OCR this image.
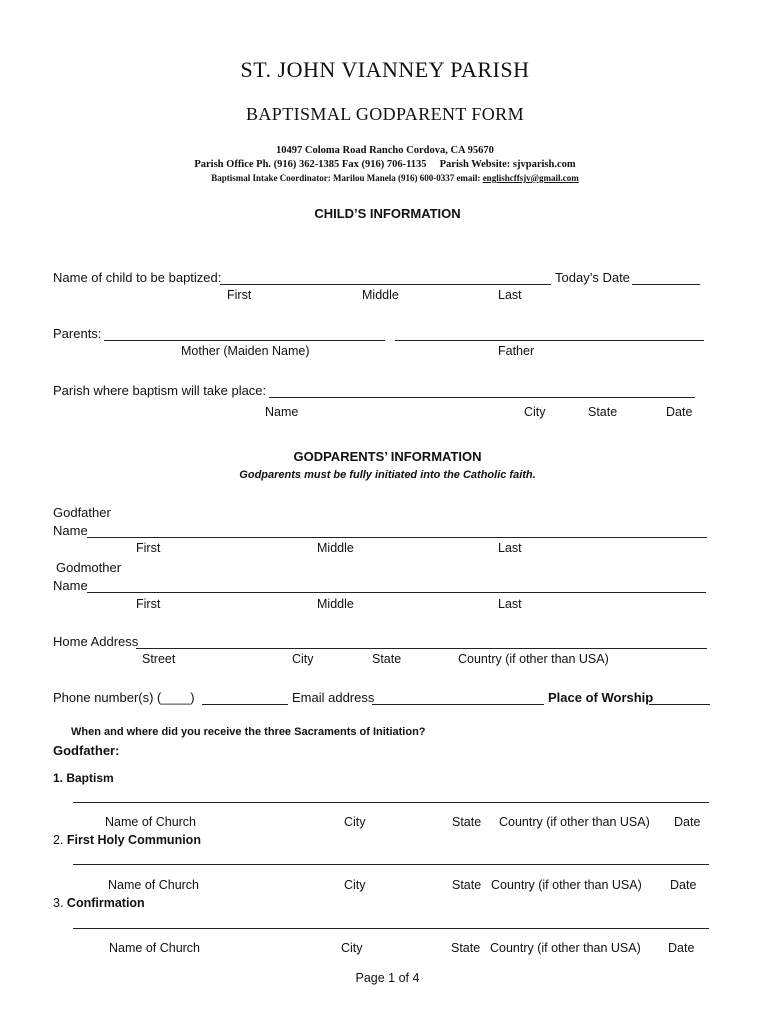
ST. JOHN VIANNEY PARISH
BAPTISMAL GODPARENT FORM
10497 Coloma Road Rancho Cordova, CA 95670
Parish Office Ph. (916) 362-1385 Fax (916) 706-1135 Parish Website: sjvparish.com
Baptismal Intake Coordinator: Marilou Manela (916) 600-0337 email: englishcffsjv@gmail.com
CHILD’S INFORMATION
Name of child to be baptized:	Today’s Date
First	Middle	Last
Parents:
Mother (Maiden Name)	Father
Parish where baptism will take place:
Name	City	State	Date
GODPARENTS’ INFORMATION
Godparents must be fully initiated into the Catholic faith.
Godfather
Name
First	Middle	Last
Godmother
Name
First	Middle	Last
Home Address
Street	City	State	Country (if other than USA)
Phone number(s) (____)	Email address	Place of Worship
When and where did you receive the three Sacraments of Initiation?
Godfather:
1. Baptism
Name of Church	City	State Country (if other than USA) Date
2. First Holy Communion
Name of Church	City	State Country (if other than USA) Date
3. Confirmation
Name of Church	City	State Country (if other than USA) Date
Page 1 of 4
